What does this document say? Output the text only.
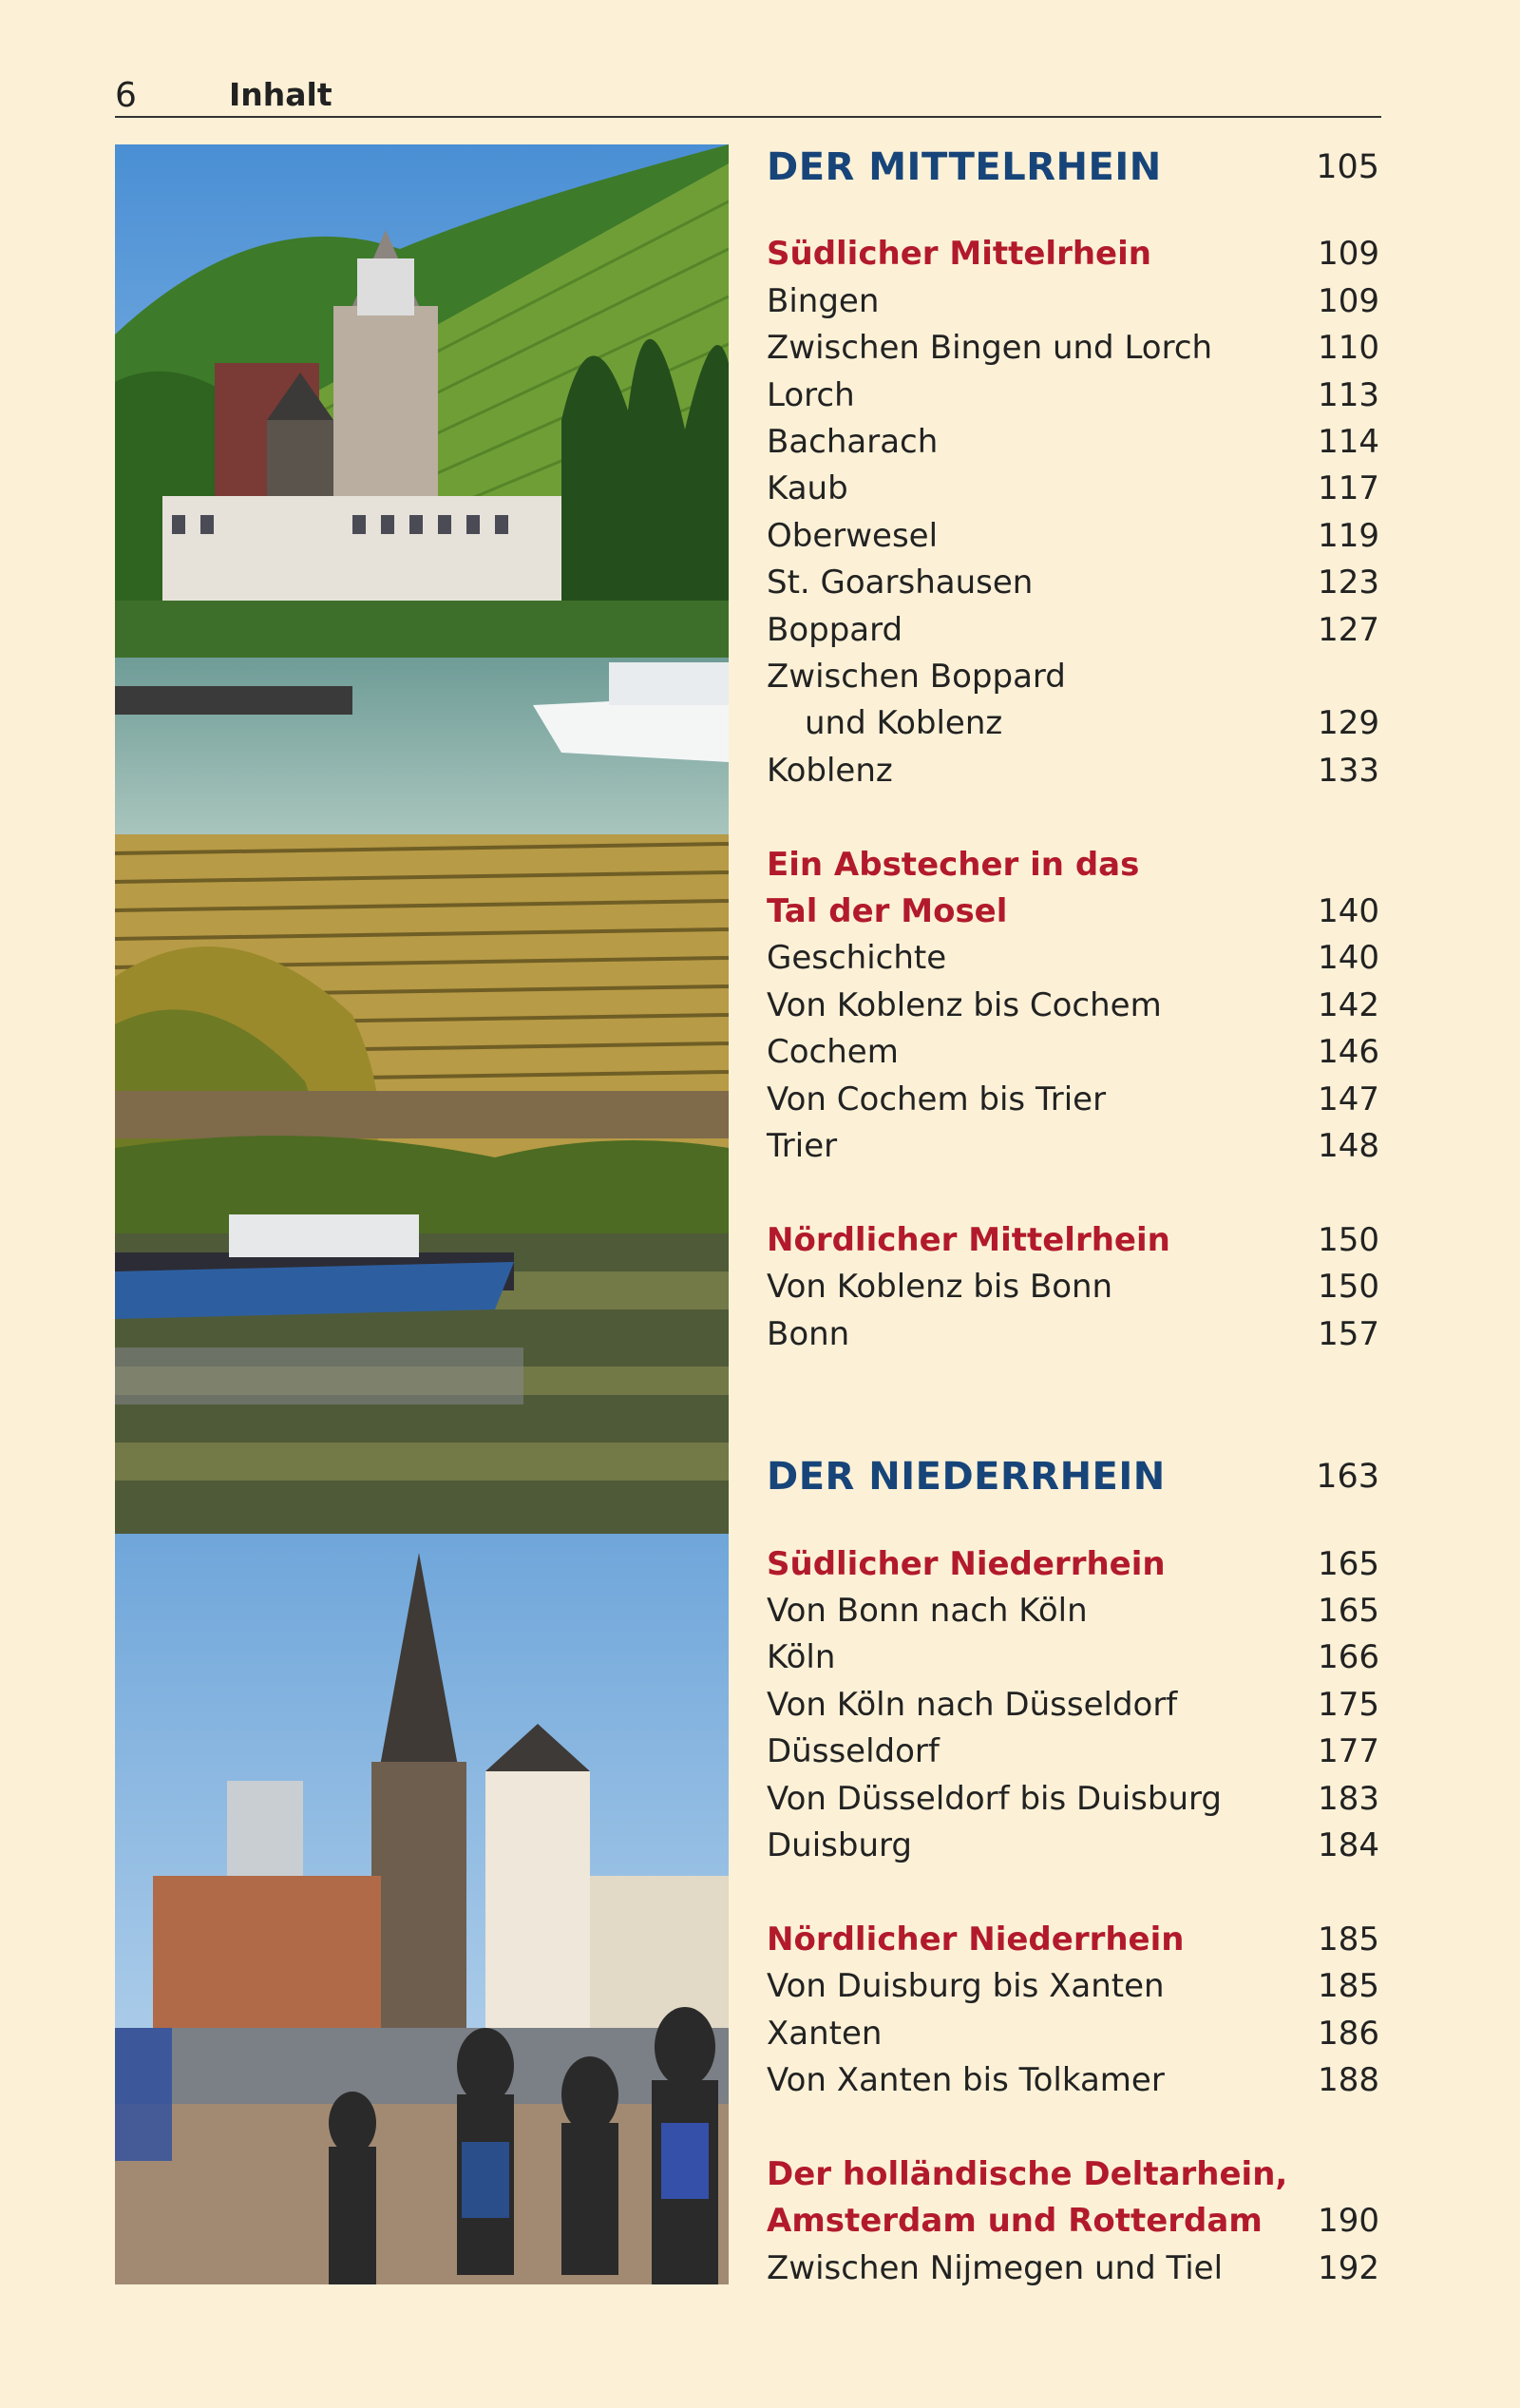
6	Inhalt
DER MITTELRHEIN	105
Südlicher Mittelrhein	109
Bingen	109
Zwischen Bingen und Lorch	110
Lorch	113
Bacharach	114
Kaub	117
Oberwesel	119
St. Goarshausen	123
Boppard	127
Zwischen Boppard
und Koblenz	129
Koblenz	133
Ein Abstecher in das
Tal der Mosel	140
Geschichte	140
Von Koblenz bis Cochem	142
Cochem	146
Von Cochem bis Trier	147
Trier	148
Nördlicher Mittelrhein	150
Von Koblenz bis Bonn	150
Bonn	157
DER NIEDERRHEIN	163
Südlicher Niederrhein	165
Von Bonn nach Köln	165
Köln	166
Von Köln nach Düsseldorf	175
Düsseldorf	177
Von Düsseldorf bis Duisburg	183
Duisburg	184
Nördlicher Niederrhein	185
Von Duisburg bis Xanten	185
Xanten	186
Von Xanten bis Tolkamer	188
Der holländische Deltarhein,
Amsterdam und Rotterdam 190
Zwischen Nijmegen und Tiel	192
